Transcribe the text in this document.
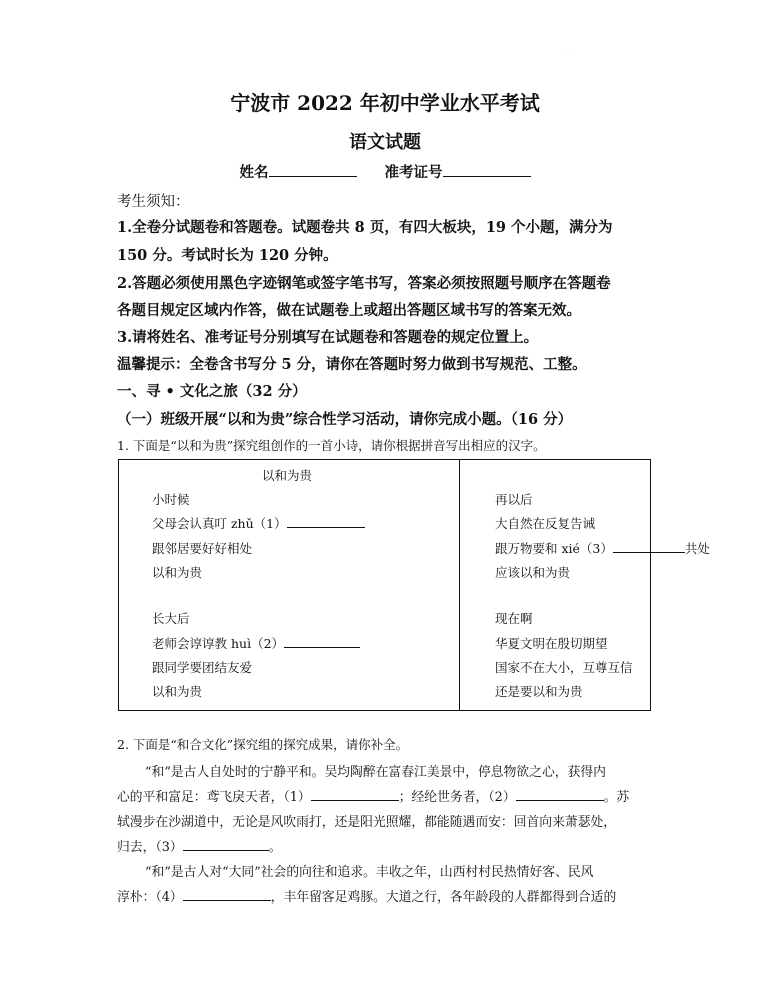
.
宁波市 2022 年初中学业水平考试
语文试题
姓名	准考证号
考生须知：
1.全卷分试题卷和答题卷。试题卷共 8 页，有四大板块，19 个小题，满分为
150 分。考试时长为 120 分钟。
2.答题必须使用黑色字迹钢笔或签字笔书写，答案必须按照题号顺序在答题卷
各题目规定区域内作答，做在试题卷上或超出答题区域书写的答案无效。
3.请将姓名、准考证号分别填写在试题卷和答题卷的规定位置上。
温馨提示：全卷含书写分 5 分，请你在答题时努力做到书写规范、工整。
一、寻 • 文化之旅（32 分）
（一）班级开展“以和为贵”综合性学习活动，请你完成小题。（16 分）
1. 下面是“以和为贵”探究组创作的一首小诗，请你根据拼音写出相应的汉字。
以和为贵
小时候
父母会认真叮 zhǔ（1）
跟邻居要好好相处
以和为贵
长大后
老师会谆谆教 huì（2）
跟同学要团结友爱
以和为贵
再以后
大自然在反复告诫
跟万物要和 xié（3）	共处
应该以和为贵
现在啊
华夏文明在殷切期望
国家不在大小，互尊互信
还是要以和为贵
2. 下面是“和合文化”探究组的探究成果，请你补全。
“和”是古人自处时的宁静平和。吴均陶醉在富春江美景中，停息物欲之心，获得内
心的平和富足：鸢飞戾天者，（1）	；经纶世务者，（2）	。苏
轼漫步在沙湖道中，无论是风吹雨打，还是阳光照耀，都能随遇而安：回首向来萧瑟处，
归去，（3）	。
“和”是古人对“大同”社会的向往和追求。丰收之年，山西村村民热情好客、民风
淳朴：（4）	，丰年留客足鸡豚。大道之行，各年龄段的人群都得到合适的
